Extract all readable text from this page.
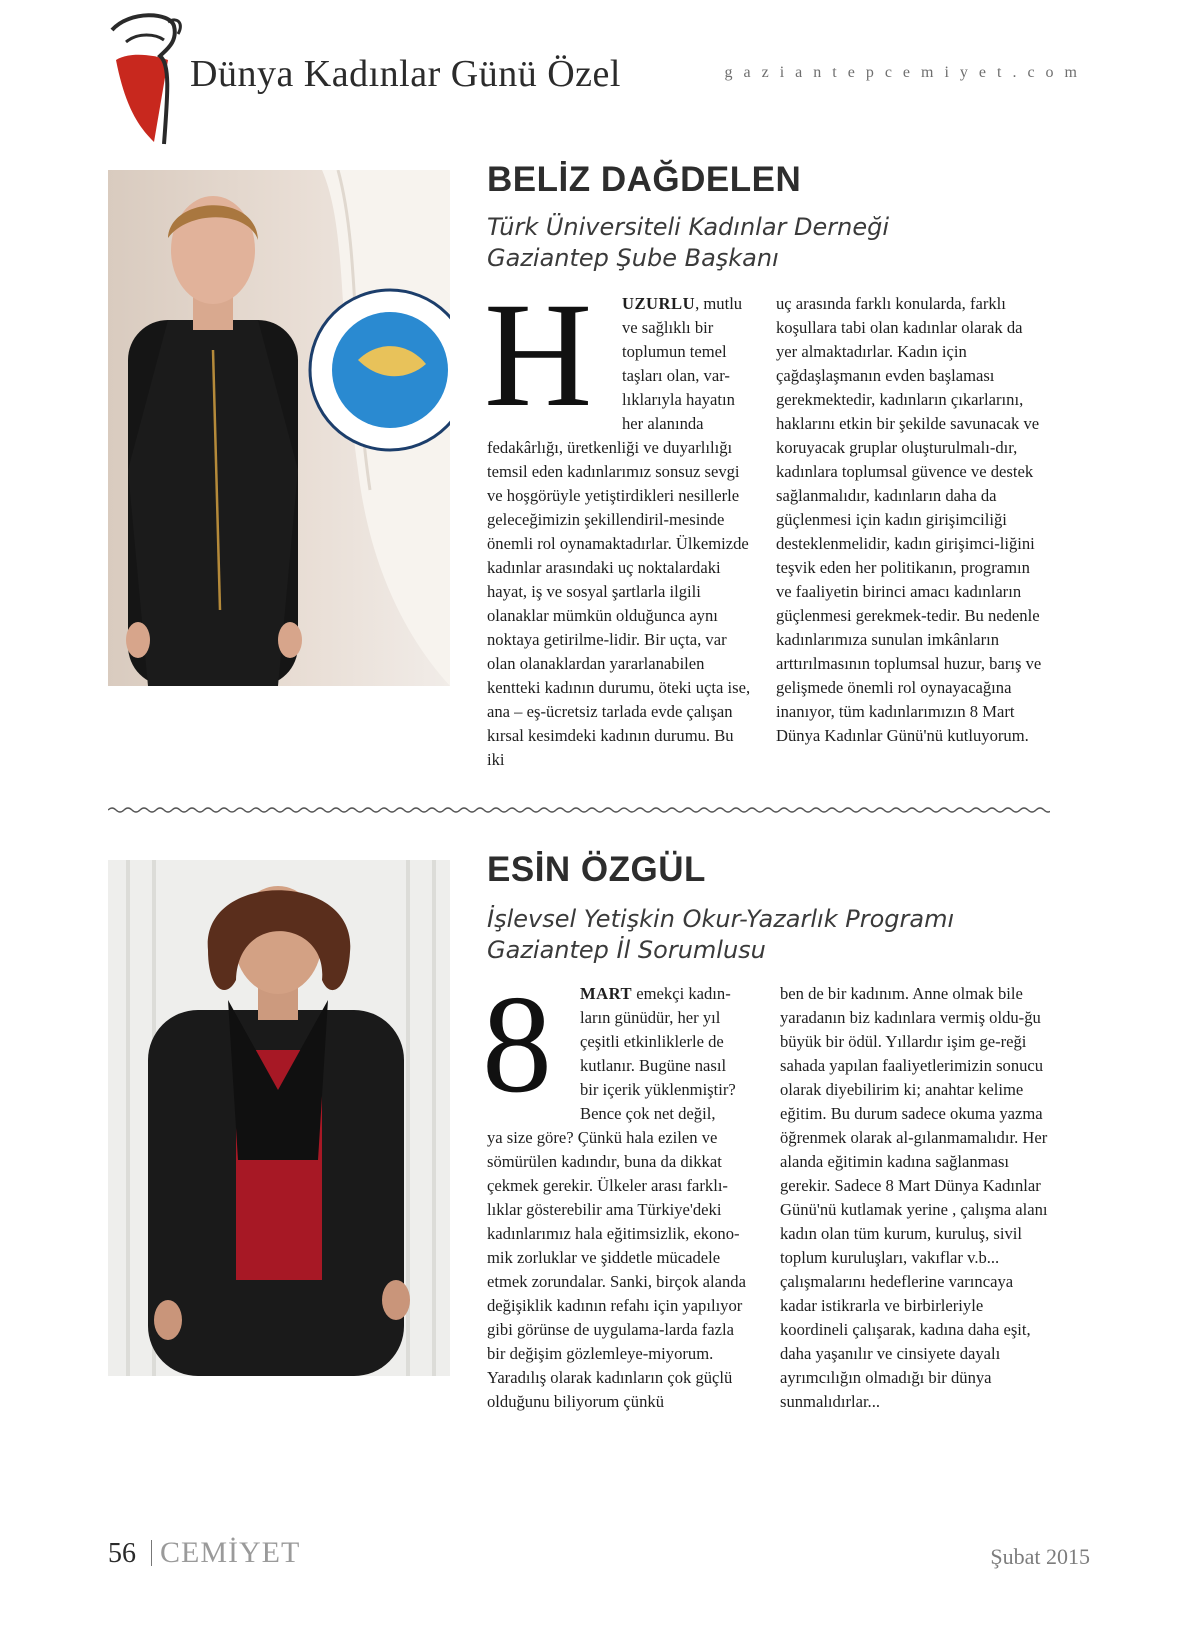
Dünya Kadınlar Günü Özel	gaziantepcemiyet.com
BELİZ DAĞDELEN
Türk Üniversiteli Kadınlar Derneği
Gaziantep Şube Başkanı
H UZURLU, mutlu
ve sağlıklı bir
toplumun temel
taşları olan, var-
lıklarıyla hayatın
her alanında
fedakârlığı, üretkenliği ve duyarlılığı temsil eden kadınlarımız sonsuz sevgi ve hoşgörüyle yetiştirdikleri nesillerle geleceğimizin şekillendiril-mesinde önemli rol oynamaktadırlar. Ülkemizde kadınlar arasındaki uç noktalardaki hayat, iş ve sosyal şartlarla ilgili olanaklar mümkün olduğunca aynı noktaya getirilme-lidir. Bir uçta, var olan olanaklardan yararlanabilen kentteki kadının durumu, öteki uçta ise, ana – eş-ücretsiz tarlada evde çalışan kırsal kesimdeki kadının durumu. Bu iki
uç arasında farklı konularda, farklı koşullara tabi olan kadınlar olarak da yer almaktadırlar. Kadın için çağdaşlaşmanın evden başlaması gerekmektedir, kadınların çıkarlarını, haklarını etkin bir şekilde savunacak ve koruyacak gruplar oluşturulmalı-dır, kadınlara toplumsal güvence ve destek sağlanmalıdır, kadınların daha da güçlenmesi için kadın girişimciliği desteklenmelidir, kadın girişimci-liğini teşvik eden her politikanın, programın ve faaliyetin birinci amacı kadınların güçlenmesi gerekmek-tedir. Bu nedenle kadınlarımıza sunulan imkânların arttırılmasının toplumsal huzur, barış ve gelişmede önemli rol oynayacağına inanıyor, tüm kadınlarımızın 8 Mart Dünya Kadınlar Günü'nü kutluyorum.
ESİN ÖZGÜL
İşlevsel Yetişkin Okur-Yazarlık Programı
Gaziantep İl Sorumlusu
8 MART emekçi kadın-
ların günüdür, her yıl
çeşitli etkinliklerle de
kutlanır. Bugüne nasıl
bir içerik yüklenmiştir?
Bence çok net değil,
ya size göre? Çünkü hala ezilen ve sömürülen kadındır, buna da dikkat çekmek gerekir. Ülkeler arası farklı-lıklar gösterebilir ama Türkiye'deki kadınlarımız hala eğitimsizlik, ekono-mik zorluklar ve şiddetle mücadele etmek zorundalar. Sanki, birçok alanda değişiklik kadının refahı için yapılıyor gibi görünse de uygulama-larda fazla bir değişim gözlemleye-miyorum. Yaradılış olarak kadınların çok güçlü olduğunu biliyorum çünkü
ben de bir kadınım. Anne olmak bile yaradanın biz kadınlara vermiş oldu-ğu büyük bir ödül. Yıllardır işim ge-reği sahada yapılan faaliyetlerimizin sonucu olarak diyebilirim ki; anahtar kelime eğitim. Bu durum sadece okuma yazma öğrenmek olarak al-gılanmamalıdır. Her alanda eğitimin kadına sağlanması gerekir. Sadece 8 Mart Dünya Kadınlar Günü'nü kutlamak yerine , çalışma alanı kadın olan tüm kurum, kuruluş, sivil toplum kuruluşları, vakıflar v.b... çalışmalarını hedeflerine varıncaya kadar istikrarla ve birbirleriyle koordineli çalışarak, kadına daha eşit, daha yaşanılır ve cinsiyete dayalı ayrımcılığın olmadığı bir dünya sunmalıdırlar...
56 CEMİYET	Şubat 2015
